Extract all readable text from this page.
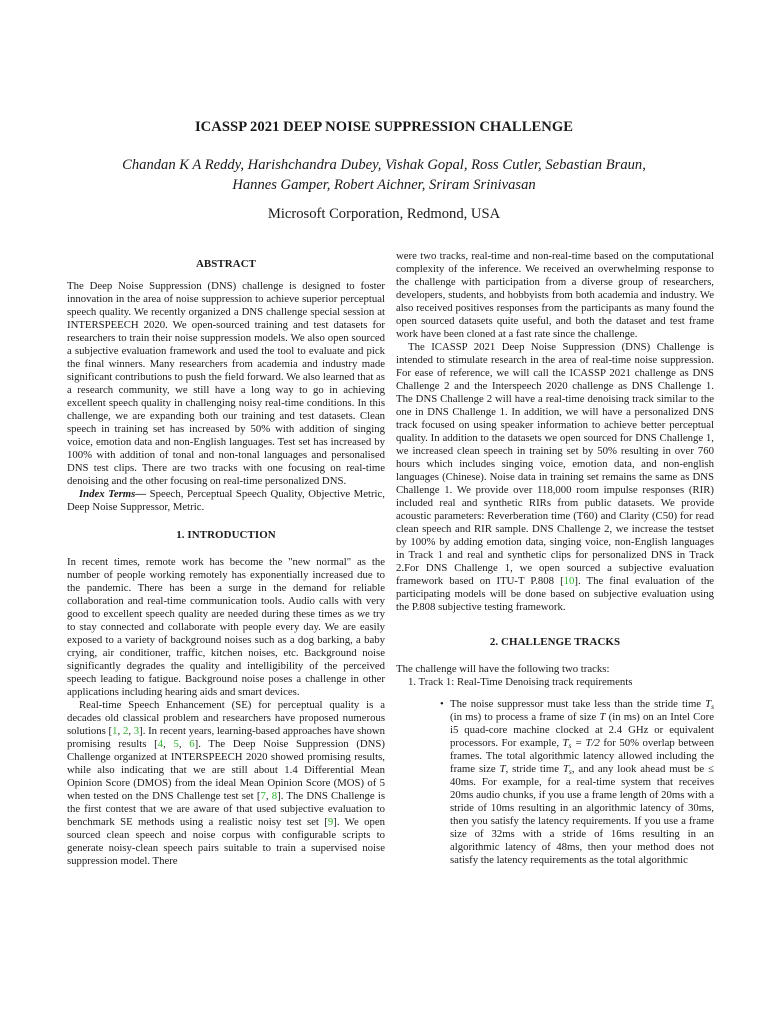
ICASSP 2021 DEEP NOISE SUPPRESSION CHALLENGE
Chandan K A Reddy, Harishchandra Dubey, Vishak Gopal, Ross Cutler, Sebastian Braun,
Hannes Gamper, Robert Aichner, Sriram Srinivasan
Microsoft Corporation, Redmond, USA
ABSTRACT

The Deep Noise Suppression (DNS) challenge is designed to foster innovation in the area of noise suppression to achieve superior perceptual speech quality. We recently organized a DNS challenge special session at INTERSPEECH 2020. We open-sourced training and test datasets for researchers to train their noise suppression models. We also open sourced a subjective evaluation framework and used the tool to evaluate and pick the final winners. Many researchers from academia and industry made significant contributions to push the field forward. We also learned that as a research community, we still have a long way to go in achieving excellent speech quality in challenging noisy real-time conditions. In this challenge, we are expanding both our training and test datasets. Clean speech in training set has increased by 50% with addition of singing voice, emotion data and non-English languages. Test set has increased by 100% with addition of tonal and non-tonal languages and personalised DNS test clips. There are two tracks with one focusing on real-time denoising and the other focusing on real-time personalized DNS.

Index Terms— Speech, Perceptual Speech Quality, Objective Metric, Deep Noise Suppressor, Metric.

1. INTRODUCTION

In recent times, remote work has become the "new normal" as the number of people working remotely has exponentially increased due to the pandemic. There has been a surge in the demand for reliable collaboration and real-time communication tools. Audio calls with very good to excellent speech quality are needed during these times as we try to stay connected and collaborate with people every day. We are easily exposed to a variety of background noises such as a dog barking, a baby crying, air conditioner, traffic, kitchen noises, etc. Background noise significantly degrades the quality and intelligibility of the perceived speech leading to fatigue. Background noise poses a challenge in other applications including hearing aids and smart devices.

Real-time Speech Enhancement (SE) for perceptual quality is a decades old classical problem and researchers have proposed numerous solutions [1, 2, 3]. In recent years, learning-based approaches have shown promising results [4, 5, 6]. The Deep Noise Suppression (DNS) Challenge organized at INTERSPEECH 2020 showed promising results, while also indicating that we are still about 1.4 Differential Mean Opinion Score (DMOS) from the ideal Mean Opinion Score (MOS) of 5 when tested on the DNS Challenge test set [7, 8]. The DNS Challenge is the first contest that we are aware of that used subjective evaluation to benchmark SE methods using a realistic noisy test set [9]. We open sourced clean speech and noise corpus with configurable scripts to generate noisy-clean speech pairs suitable to train a supervised noise suppression model. There

were two tracks, real-time and non-real-time based on the computational complexity of the inference. We received an overwhelming response to the challenge with participation from a diverse group of researchers, developers, students, and hobbyists from both academia and industry. We also received positives responses from the participants as many found the open sourced datasets quite useful, and both the dataset and test frame work have been cloned at a fast rate since the challenge.

The ICASSP 2021 Deep Noise Suppression (DNS) Challenge is intended to stimulate research in the area of real-time noise suppression. For ease of reference, we will call the ICASSP 2021 challenge as DNS Challenge 2 and the Interspeech 2020 challenge as DNS Challenge 1. The DNS Challenge 2 will have a real-time denoising track similar to the one in DNS Challenge 1. In addition, we will have a personalized DNS track focused on using speaker information to achieve better perceptual quality. In addition to the datasets we open sourced for DNS Challenge 1, we increased clean speech in training set by 50% resulting in over 760 hours which includes singing voice, emotion data, and non-english languages (Chinese). Noise data in training set remains the same as DNS Challenge 1. We provide over 118,000 room impulse responses (RIR) included real and synthetic RIRs from public datasets. We provide acoustic parameters: Reverberation time (T60) and Clarity (C50) for read clean speech and RIR sample. DNS Challenge 2, we increase the testset by 100% by adding emotion data, singing voice, non-English languages in Track 1 and real and synthetic clips for personalized DNS in Track 2.For DNS Challenge 1, we open sourced a subjective evaluation framework based on ITU-T P.808 [10]. The final evaluation of the participating models will be done based on subjective evaluation using the P.808 subjective testing framework.

2. CHALLENGE TRACKS

The challenge will have the following two tracks:

1. Track 1: Real-Time Denoising track requirements

• The noise suppressor must take less than the stride time $T_s$ (in ms) to process a frame of size T (in ms) on an Intel Core i5 quad-core machine clocked at 2.4 GHz or equivalent processors. For example, $T_s = T/2$ for 50% overlap between frames. The total algorithmic latency allowed including the frame size T, stride time $T_s$, and any look ahead must be ≤ 40ms. For example, for a real-time system that receives 20ms audio chunks, if you use a frame length of 20ms with a stride of 10ms resulting in an algorithmic latency of 30ms, then you satisfy the latency requirements. If you use a frame size of 32ms with a stride of 16ms resulting in an algorithmic latency of 48ms, then your method does not satisfy the latency requirements as the total algorithmic
